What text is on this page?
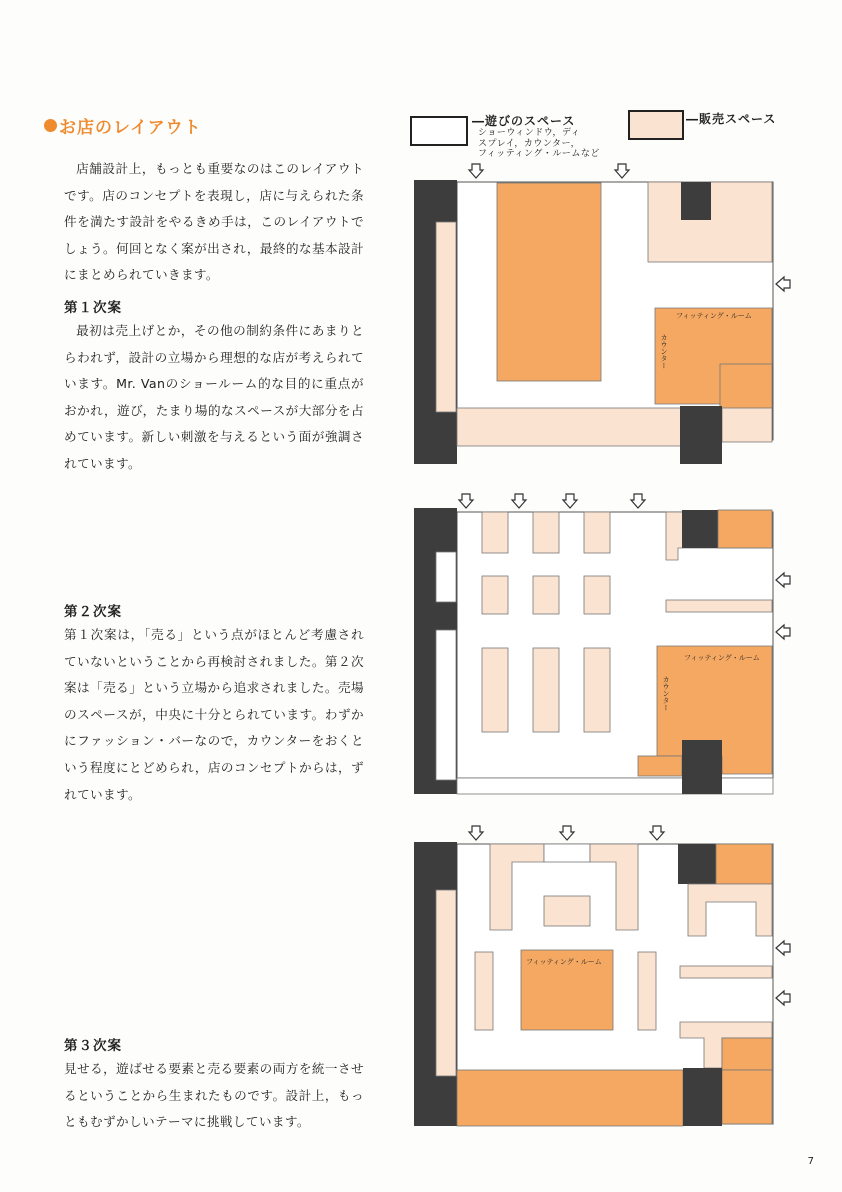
お店のレイアウト
店舗設計上，もっとも重要なのはこのレイアウトです。店のコンセプトを表現し，店に与えられた条件を満たす設計をやるきめ手は，このレイアウトでしょう。何回となく案が出され，最終的な基本設計にまとめられていきます。
第１次案
最初は売上げとか，その他の制約条件にあまりとらわれず，設計の立場から理想的な店が考えられています。Mr. Vanのショールーム的な目的に重点がおかれ，遊び，たまり場的なスペースが大部分を占めています。新しい刺激を与えるという面が強調されています。
第２次案
第１次案は，「売る」という点がほとんど考慮されていないということから再検討されました。第２次案は「売る」という立場から追求されました。売場のスペースが，中央に十分とられています。わずかにファッション・バーなので，カウンターをおくという程度にとどめられ，店のコンセプトからは，ずれています。
第３次案
見せる，遊ばせる要素と売る要素の両方を統一させるということから生まれたものです。設計上，もっともむずかしいテーマに挑戦しています。
―遊びのスペース
ショーウィンドウ，ディ
スプレイ，カウンター，
フィッティング・ルームなど
―販売スペース
フィッティング・ルーム
カウンター
フィッティング・ルーム
カウンター
フィッティング・ルーム
7
